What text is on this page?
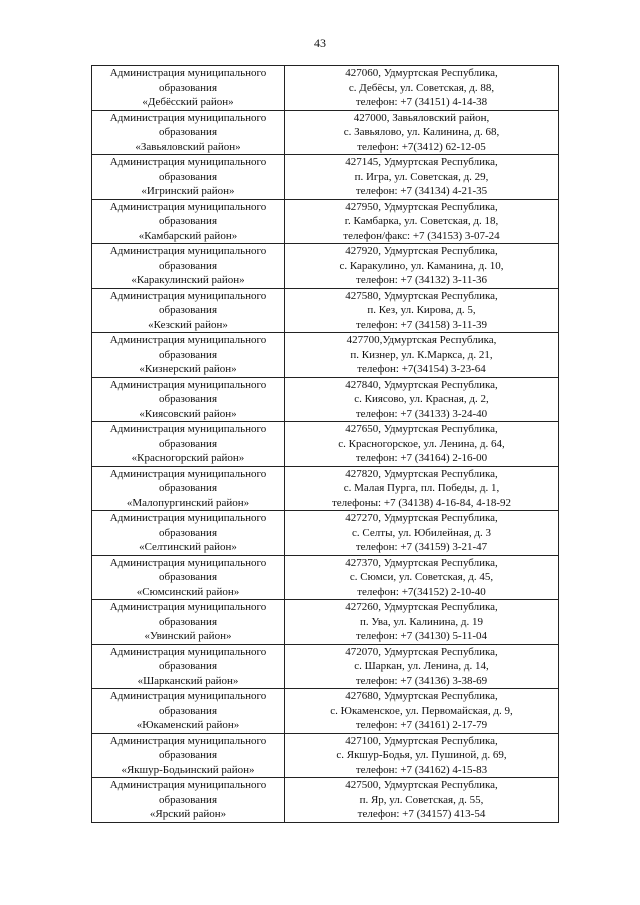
43
Администрация муниципального
образования
«Дебёсский район»	427060, Удмуртская Республика,
с. Дебёсы, ул. Советская, д. 88,
телефон: +7 (34151) 4-14-38

Администрация муниципального
образования
«Завьяловский район»	427000, Завьяловский район,
с. Завьялово, ул. Калинина, д. 68,
телефон: +7(3412) 62-12-05

Администрация муниципального
образования
«Игринский район»	427145, Удмуртская Республика,
п. Игра, ул. Советская, д. 29,
телефон: +7 (34134) 4-21-35

Администрация муниципального
образования
«Камбарский район»	427950, Удмуртская Республика,
г. Камбарка, ул. Советская, д. 18,
телефон/факс: +7 (34153) 3-07-24

Администрация муниципального
образования
«Каракулинский район»	427920, Удмуртская Республика,
с. Каракулино, ул. Каманина, д. 10,
телефон: +7 (34132) 3-11-36

Администрация муниципального
образования
«Кезский район»	427580, Удмуртская Республика,
п. Кез, ул. Кирова, д. 5,
телефон: +7 (34158) 3-11-39

Администрация муниципального
образования
«Кизнерский район»	427700,Удмуртская Республика,
п. Кизнер, ул. К.Маркса, д. 21,
телефон: +7(34154) 3-23-64

Администрация муниципального
образования
«Киясовский район»	427840, Удмуртская Республика,
с. Киясово, ул. Красная, д. 2,
телефон: +7 (34133) 3-24-40

Администрация муниципального
образования
«Красногорский район»	427650, Удмуртская Республика,
с. Красногорское, ул. Ленина, д. 64,
телефон: +7 (34164) 2-16-00

Администрация муниципального
образования
«Малопургинский район»	427820, Удмуртская Республика,
с. Малая Пурга, пл. Победы, д. 1,
телефоны: +7 (34138) 4-16-84, 4-18-92

Администрация муниципального
образования
«Селтинский район»	427270, Удмуртская Республика,
с. Селты, ул. Юбилейная, д. 3
телефон: +7 (34159) 3-21-47

Администрация муниципального
образования
«Сюмсинский район»	427370, Удмуртская Республика,
с. Сюмси, ул. Советская, д. 45,
телефон: +7(34152) 2-10-40

Администрация муниципального
образования
«Увинский район»	427260, Удмуртская Республика,
п. Ува, ул. Калинина, д. 19
телефон: +7 (34130) 5-11-04

Администрация муниципального
образования
«Шарканский район»	472070, Удмуртская Республика,
с. Шаркан, ул. Ленина, д. 14,
телефон: +7 (34136) 3-38-69

Администрация муниципального
образования
«Юкаменский район»	427680, Удмуртская Республика,
с. Юкаменское, ул. Первомайская, д. 9,
телефон: +7 (34161) 2-17-79

Администрация муниципального
образования
«Якшур-Бодьинский район»	427100, Удмуртская Республика,
с. Якшур-Бодья, ул. Пушиной, д. 69,
телефон: +7 (34162) 4-15-83

Администрация муниципального
образования
«Ярский район»	427500, Удмуртская Республика,
п. Яр, ул. Советская, д. 55,
телефон: +7 (34157) 413-54
